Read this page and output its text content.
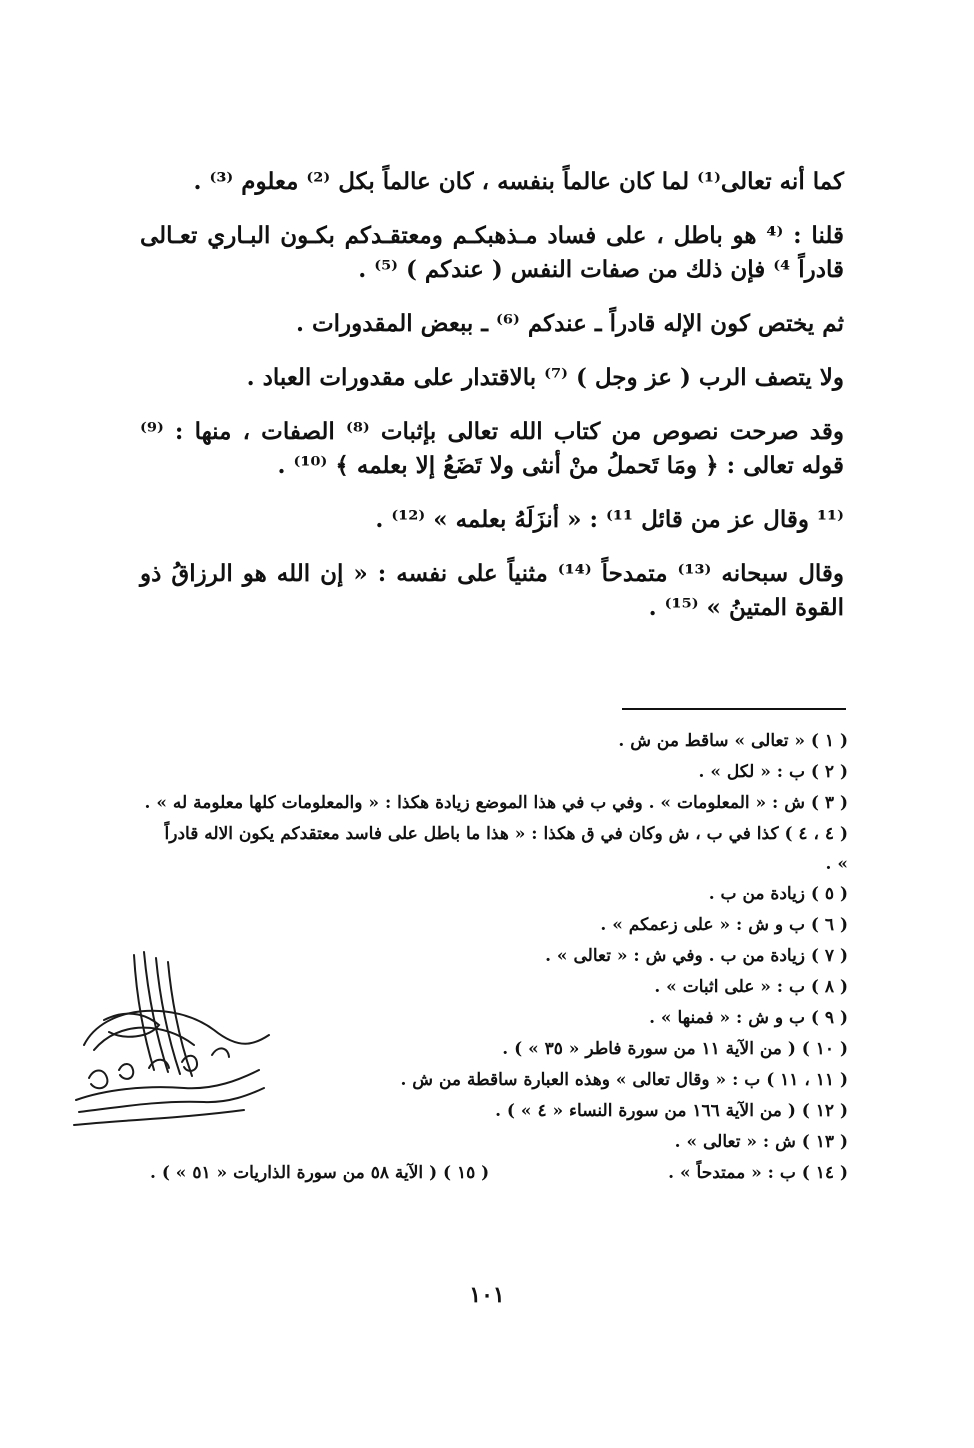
كما أنه تعالى⁽¹⁾ لما كان عالماً بنفسه ، كان عالماً بكل ⁽²⁾ معلوم ⁽³⁾ .

قلنا : ⁽⁴ هو باطل ، على فساد مـذهبكـم ومعتقـدكم بكـون البـاري تعـالى قادراً ⁴⁾ فإن ذلك من صفات النفس ( عندكم ) ⁽⁵⁾ .

ثم يختص كون الإله قادراً ـ عندكم ⁽⁶⁾ ـ ببعض المقدورات .

ولا يتصف الرب ( عز وجل ) ⁽⁷⁾ بالاقتدار على مقدورات العباد .

وقد صرحت نصوص من كتاب الله تعالى بإثبات ⁽⁸⁾ الصفات ، منها : ⁽⁹⁾ قوله تعالى : ﴿ ومَا تَحملُ منْ أنثى ولا تَضَعُ إلا بعلمه ﴾ ⁽¹⁰⁾ .

⁽¹¹ وقال عز من قائل ¹¹⁾ : « أنزَلَهُ بعلمه » ⁽¹²⁾ .

وقال سبحانه ⁽¹³⁾ متمدحاً ⁽¹⁴⁾ مثنياً على نفسه : « إن الله هو الرزاقُ ذو القوة المتينُ » ⁽¹⁵⁾ .

( ١ ) « تعالى » ساقط من ش .

( ٢ ) ب : « لكل » .

( ٣ ) ش : « المعلومات » . وفي ب في هذا الموضع زيادة هكذا : « والمعلومات كلها معلومة له » .

( ٤ ، ٤ ) كذا في ب ، ش وكان في ق هكذا : « هذا ما باطل على فاسد معتقدكم يكون الاله قادراً » .

( ٥ ) زيادة من ب .

( ٦ ) ب و ش : « على زعمكم » .

( ٧ ) زيادة من ب . وفي ش : « تعالى » .

( ٨ ) ب : « على اثبات » .

( ٩ ) ب و ش : « فمنها » .

( ١٠ ) ( من الآية ١١ من سورة فاطر « ٣٥ » ) .

( ١١ ، ١١ ) ب : « وقال تعالى » وهذه العبارة ساقطة من ش .

( ١٢ ) ( من الآية ١٦٦ من سورة النساء « ٤ » ) .

( ١٣ ) ش : « تعالى » .

( ١٤ ) ب : « ممتدحاً » .

( ١٥ ) ( الآية ٥٨ من سورة الذاريات « ٥١ » ) .

١٠١
